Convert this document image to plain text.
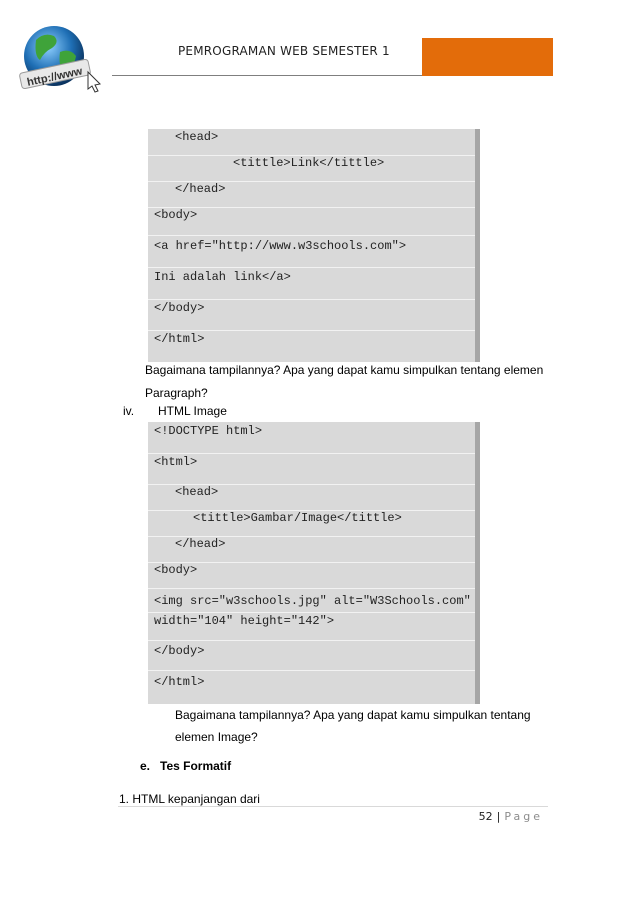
http://www
PEMROGRAMAN WEB SEMESTER 1
<head>
<tittle>Link</tittle>
</head>
<body>
<a href="http://www.w3schools.com">
Ini adalah link</a>
</body>
</html>
Bagaimana tampilannya? Apa yang dapat kamu simpulkan tentang elemen
Paragraph?
iv. HTML Image
<!DOCTYPE html>
<html>
<head>
<tittle>Gambar/Image</tittle>
</head>
<body>
<img src="w3schools.jpg" alt="W3Schools.com"
width="104" height="142">
</body>
</html>
Bagaimana tampilannya? Apa yang dapat kamu simpulkan tentang
elemen Image?
e. Tes Formatif
1. HTML kepanjangan dari
52 | Page
